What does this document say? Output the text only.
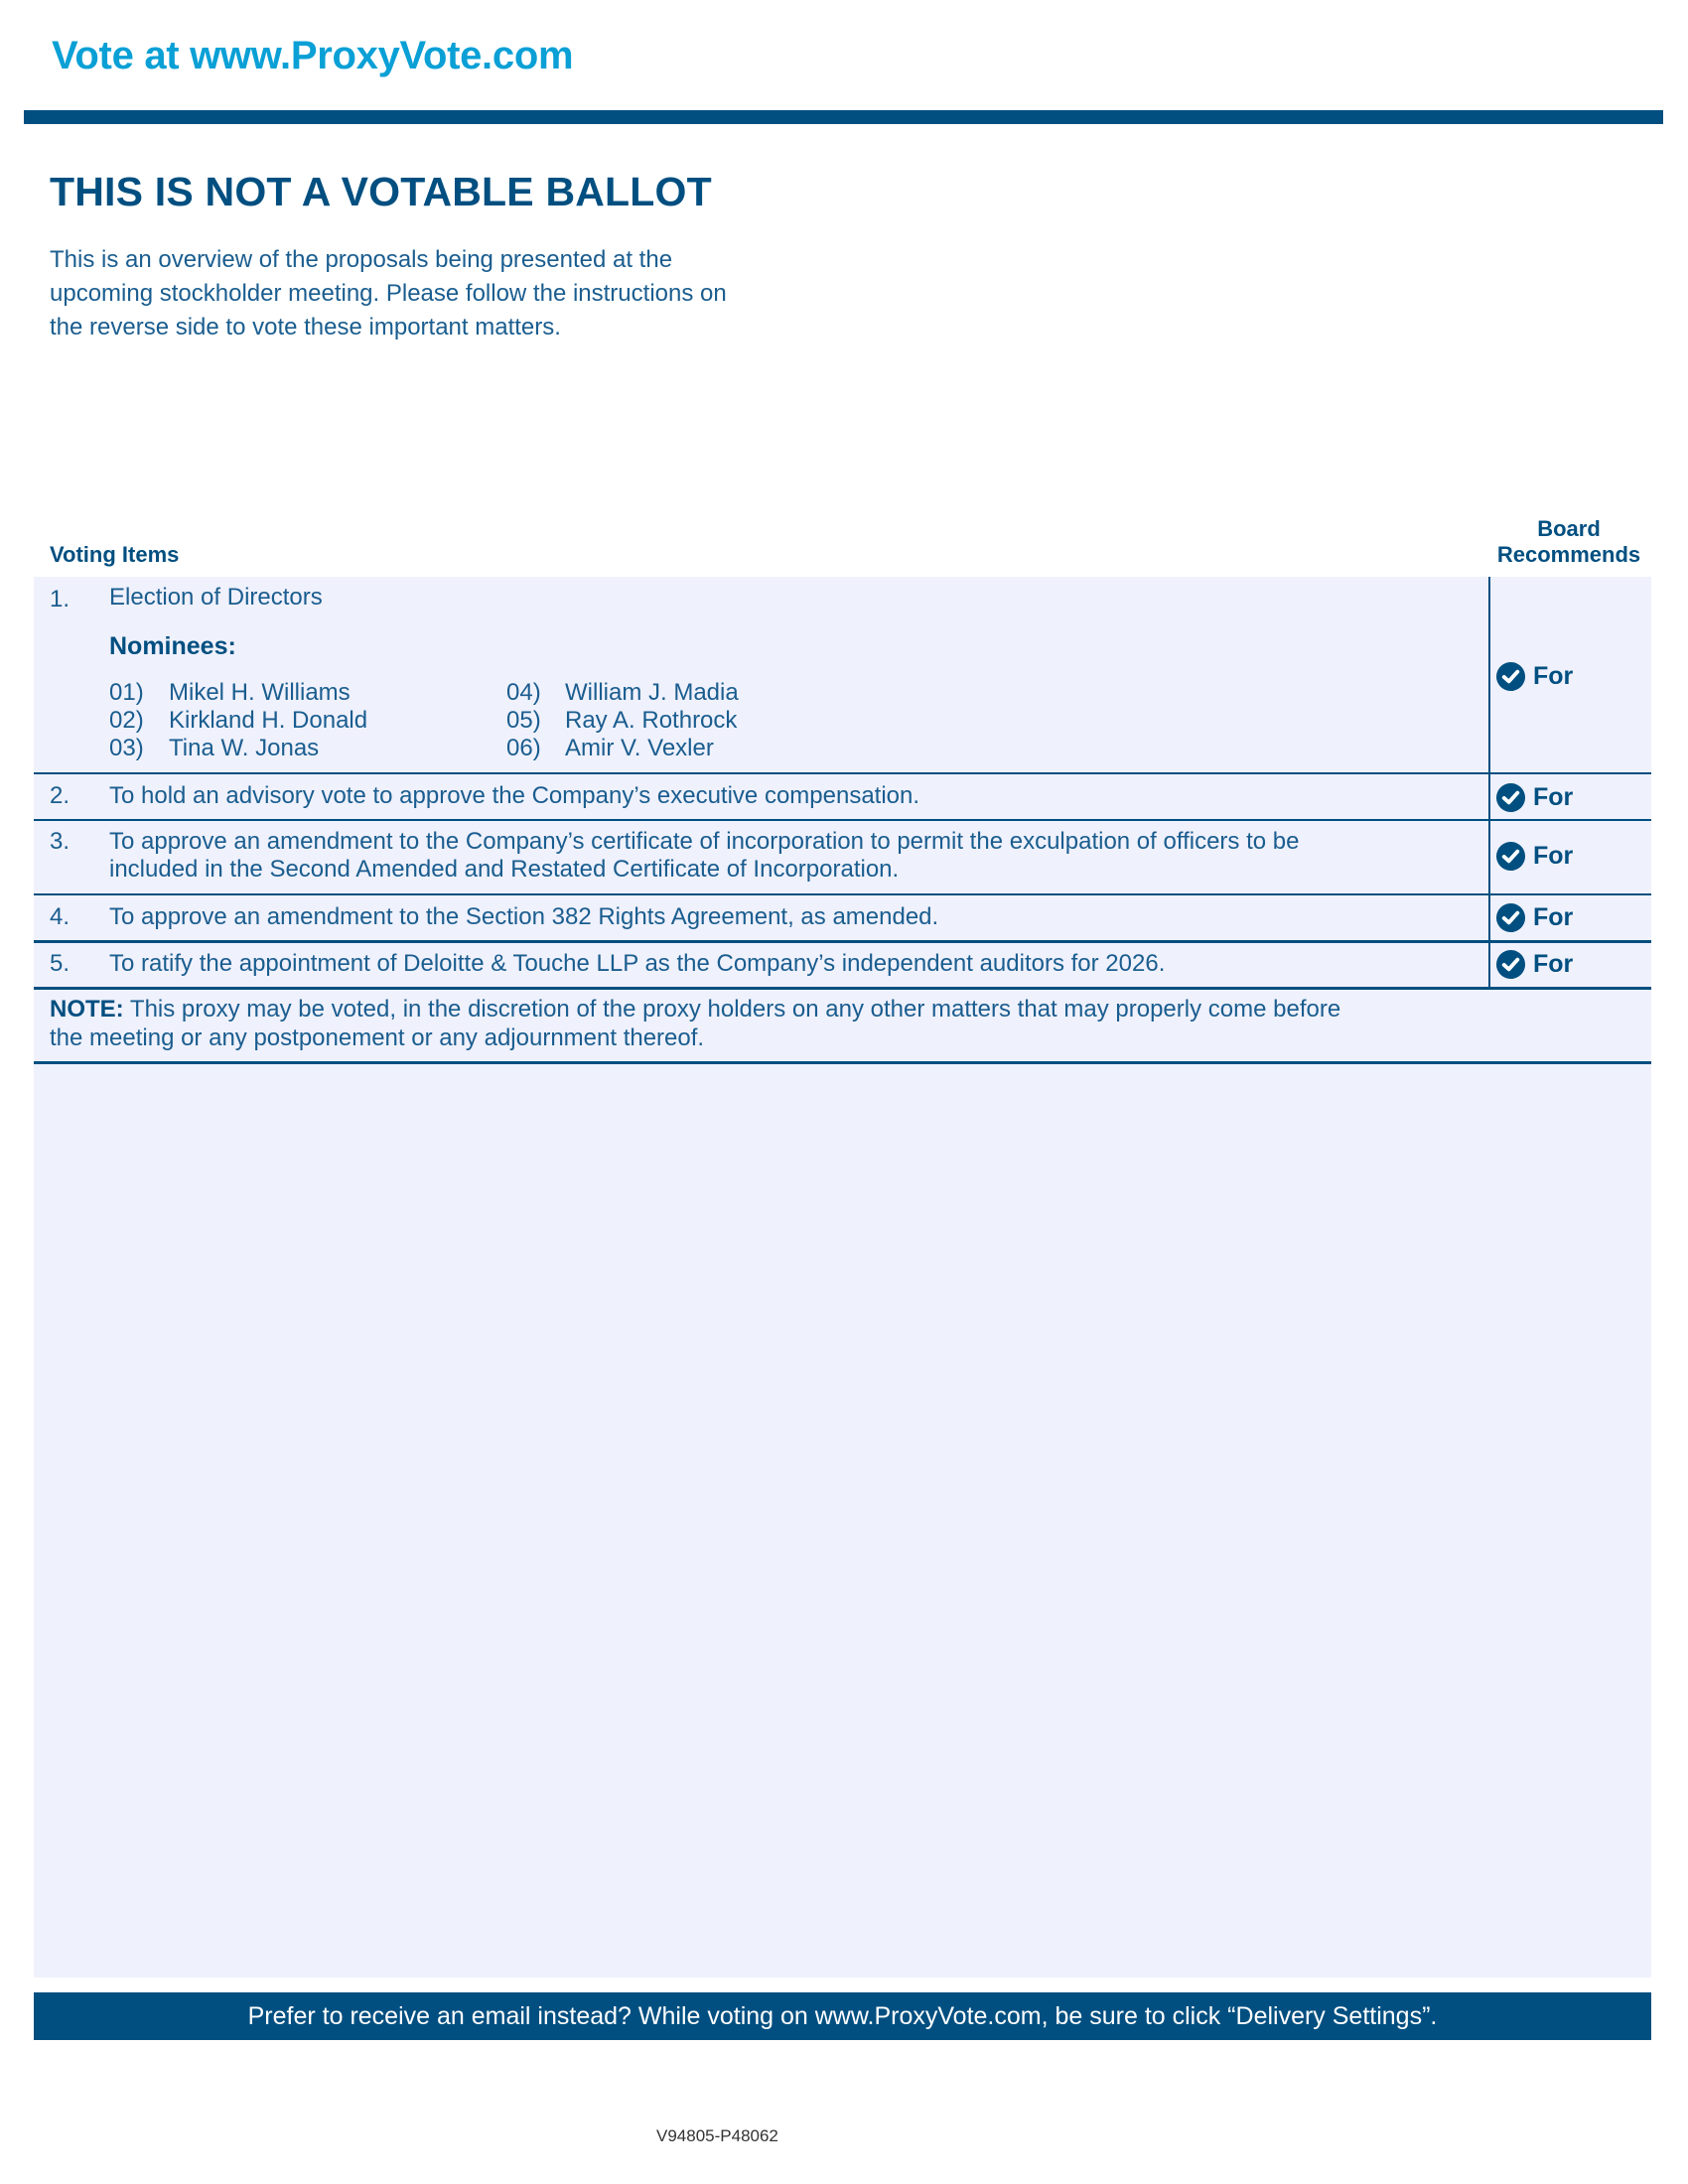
Vote at www.ProxyVote.com
THIS IS NOT A VOTABLE BALLOT
This is an overview of the proposals being presented at the
upcoming stockholder meeting. Please follow the instructions on
the reverse side to vote these important matters.
Voting Items
Board
Recommends
1. Election of Directors
Nominees:
01) Mikel H. Williams
02) Kirkland H. Donald
03) Tina W. Jonas
04) William J. Madia
05) Ray A. Rothrock
06) Amir V. Vexler
For
2. To hold an advisory vote to approve the Company’s executive compensation.	For
3. To approve an amendment to the Company’s certificate of incorporation to permit the exculpation of officers to be
included in the Second Amended and Restated Certificate of Incorporation.	For
4. To approve an amendment to the Section 382 Rights Agreement, as amended.	For
5. To ratify the appointment of Deloitte & Touche LLP as the Company’s independent auditors for 2026.	For
NOTE: This proxy may be voted, in the discretion of the proxy holders on any other matters that may properly come before
the meeting or any postponement or any adjournment thereof.
Prefer to receive an email instead? While voting on www.ProxyVote.com, be sure to click “Delivery Settings”.
V94805-P48062
